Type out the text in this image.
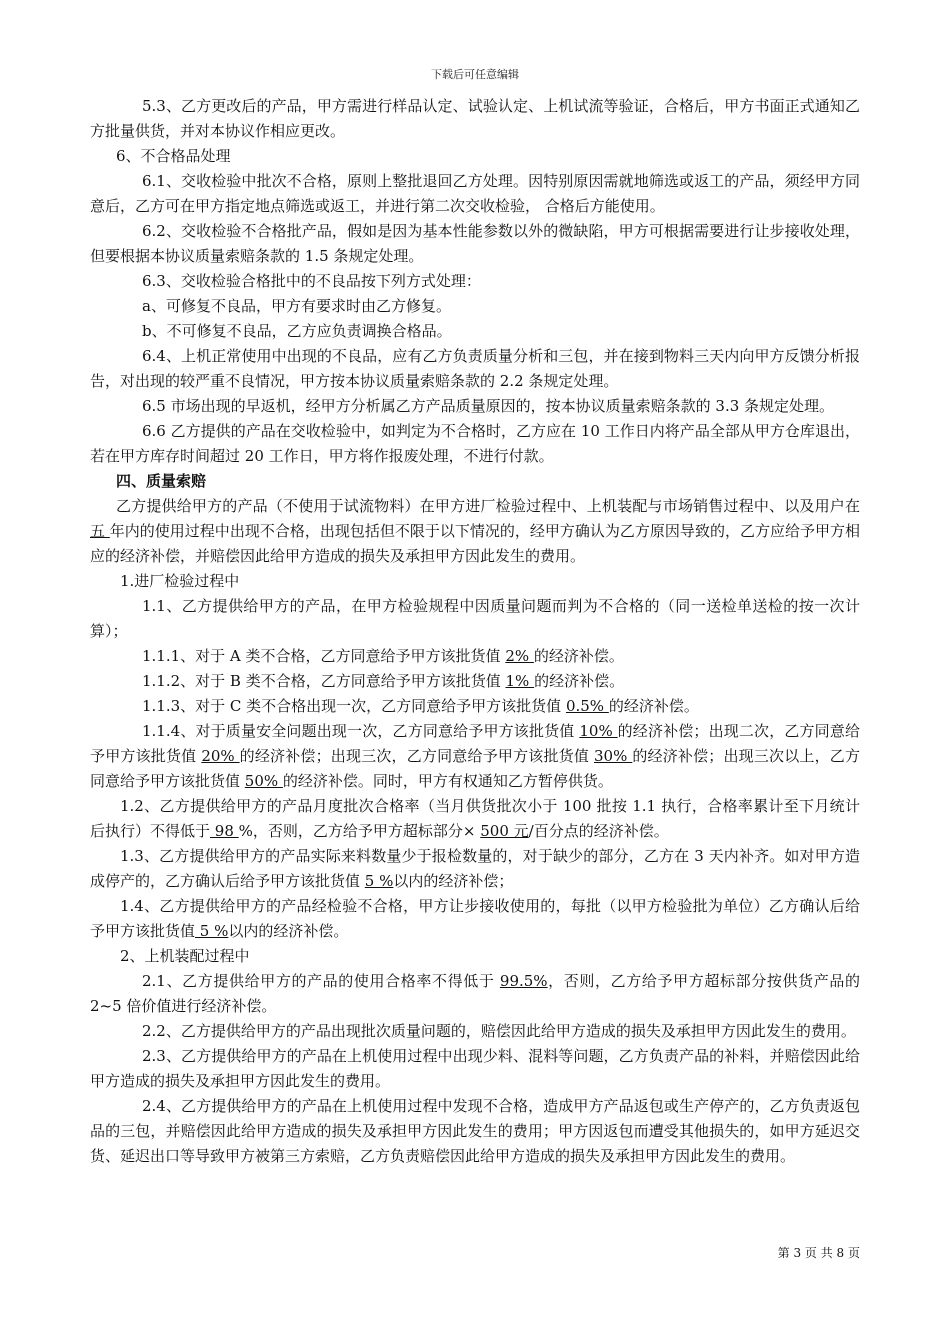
下载后可任意编辑

5.3、乙方更改后的产品，甲方需进行样品认定、试验认定、上机试流等验证，合格后，甲方书面正式通知乙方批量供货，并对本协议作相应更改。

6、不合格品处理

6.1、交收检验中批次不合格，原则上整批退回乙方处理。因特别原因需就地筛选或返工的产品，须经甲方同意后，乙方可在甲方指定地点筛选或返工，并进行第二次交收检验， 合格后方能使用。

6.2、交收检验不合格批产品，假如是因为基本性能参数以外的微缺陷，甲方可根据需要进行让步接收处理，但要根据本协议质量索赔条款的 1.5 条规定处理。

6.3、交收检验合格批中的不良品按下列方式处理：

a、可修复不良品，甲方有要求时由乙方修复。

b、不可修复不良品，乙方应负责调换合格品。

6.4、上机正常使用中出现的不良品，应有乙方负责质量分析和三包，并在接到物料三天内向甲方反馈分析报告，对出现的较严重不良情况，甲方按本协议质量索赔条款的 2.2 条规定处理。

6.5 市场出现的早返机，经甲方分析属乙方产品质量原因的，按本协议质量索赔条款的 3.3 条规定处理。

6.6 乙方提供的产品在交收检验中，如判定为不合格时，乙方应在 10 工作日内将产品全部从甲方仓库退出，若在甲方库存时间超过 20 工作日，甲方将作报废处理，不进行付款。

四、质量索赔

乙方提供给甲方的产品（不使用于试流物料）在甲方进厂检验过程中、上机装配与市场销售过程中、以及用户在 五 年内的使用过程中出现不合格，出现包括但不限于以下情况的，经甲方确认为乙方原因导致的，乙方应给予甲方相应的经济补偿，并赔偿因此给甲方造成的损失及承担甲方因此发生的费用。

1.进厂检验过程中

1.1、乙方提供给甲方的产品，在甲方检验规程中因质量问题而判为不合格的（同一送检单送检的按一次计算）；

1.1.1、对于 A 类不合格，乙方同意给予甲方该批货值 2% 的经济补偿。

1.1.2、对于 B 类不合格，乙方同意给予甲方该批货值 1% 的经济补偿。

1.1.3、对于 C 类不合格出现一次，乙方同意给予甲方该批货值 0.5% 的经济补偿。

1.1.4、对于质量安全问题出现一次，乙方同意给予甲方该批货值 10% 的经济补偿；出现二次，乙方同意给予甲方该批货值 20% 的经济补偿；出现三次，乙方同意给予甲方该批货值 30% 的经济补偿；出现三次以上，乙方同意给予甲方该批货值 50% 的经济补偿。同时，甲方有权通知乙方暂停供货。

1.2、乙方提供给甲方的产品月度批次合格率（当月供货批次小于 100 批按 1.1 执行，合格率累计至下月统计后执行）不得低于 98 %，否则，乙方给予甲方超标部分× 500 元/百分点的经济补偿。

1.3、乙方提供给甲方的产品实际来料数量少于报检数量的，对于缺少的部分，乙方在 3 天内补齐。如对甲方造成停产的，乙方确认后给予甲方该批货值 5 %以内的经济补偿；

1.4、乙方提供给甲方的产品经检验不合格，甲方让步接收使用的，每批（以甲方检验批为单位）乙方确认后给予甲方该批货值 5 %以内的经济补偿。

2、上机装配过程中

2.1、乙方提供给甲方的产品的使用合格率不得低于 99.5%，否则，乙方给予甲方超标部分按供货产品的 2~5 倍价值进行经济补偿。

2.2、乙方提供给甲方的产品出现批次质量问题的，赔偿因此给甲方造成的损失及承担甲方因此发生的费用。

2.3、乙方提供给甲方的产品在上机使用过程中出现少料、混料等问题，乙方负责产品的补料，并赔偿因此给甲方造成的损失及承担甲方因此发生的费用。

2.4、乙方提供给甲方的产品在上机使用过程中发现不合格，造成甲方产品返包或生产停产的，乙方负责返包品的三包，并赔偿因此给甲方造成的损失及承担甲方因此发生的费用；甲方因返包而遭受其他损失的，如甲方延迟交货、延迟出口等导致甲方被第三方索赔，乙方负责赔偿因此给甲方造成的损失及承担甲方因此发生的费用。

第 3 页 共 8 页
